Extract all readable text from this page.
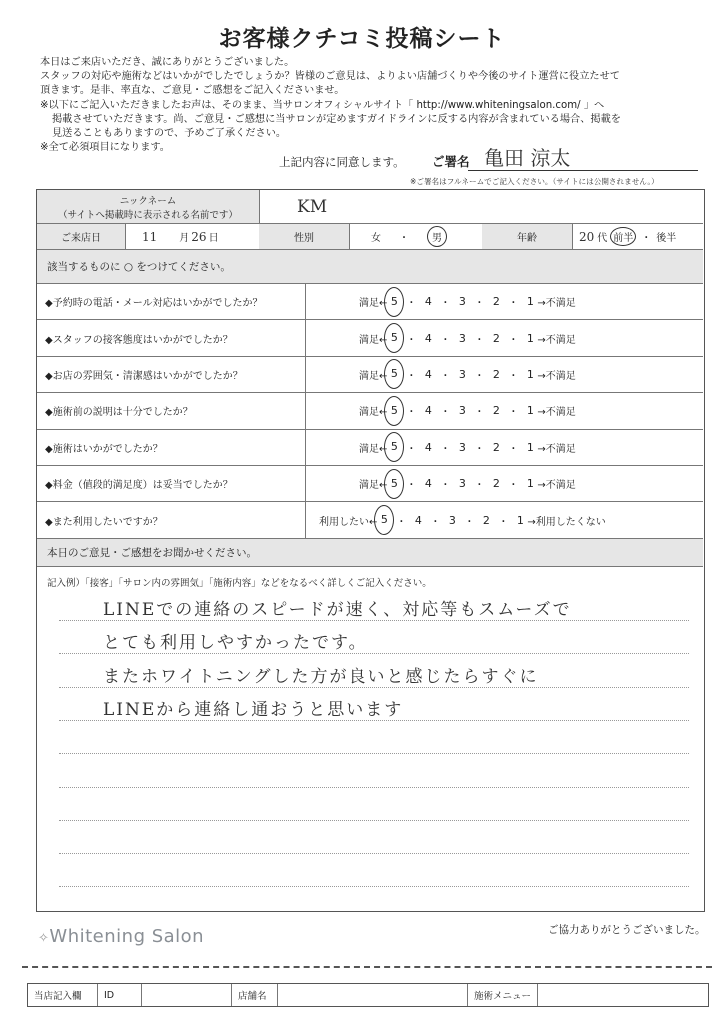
お客様クチコミ投稿シート
本日はご来店いただき、誠にありがとうございました。
スタッフの対応や施術などはいかがでしたでしょうか？皆様のご意見は、よりよい店舗づくりや今後のサイト運営に役立たせて
頂きます。是非、率直な、ご意見・ご感想をご記入くださいませ。
※以下にご記入いただきましたお声は、そのまま、当サロンオフィシャルサイト「 http://www.whiteningsalon.com/ 」へ
掲載させていただきます。尚、ご意見・ご感想に当サロンが定めますガイドラインに反する内容が含まれている場合、掲載を
見送ることもありますので、予めご了承ください。
※全て必須項目になります。
上記内容に同意します。 ご署名 亀田 涼太
※ご署名はフルネームでご記入ください。（サイトには公開されません。）
ニックネーム
（サイトへ掲載時に表示される名前です）	KM
ご来店日	11 月 26 日	性別	女 ・	男	年齢	20 代 前半 ・ 後半
該当するものに ○ をつけてください。
◆予約時の電話・メール対応はいかがでしたか？	満足← 5 ・ 4 ・ 3 ・ 2 ・ 1 →不満足
◆スタッフの接客態度はいかがでしたか？	満足← 5 ・ 4 ・ 3 ・ 2 ・ 1 →不満足
◆お店の雰囲気・清潔感はいかがでしたか？	満足← 5 ・ 4 ・ 3 ・ 2 ・ 1 →不満足
◆施術前の説明は十分でしたか？	満足← 5 ・ 4 ・ 3 ・ 2 ・ 1 →不満足
◆施術はいかがでしたか？	満足← 5 ・ 4 ・ 3 ・ 2 ・ 1 →不満足
◆料金（値段的満足度）は妥当でしたか？	満足← 5 ・ 4 ・ 3 ・ 2 ・ 1 →不満足
◆また利用したいですか？	利用したい← 5 ・ 4 ・ 3 ・ 2 ・ 1 →利用したくない
本日のご意見・ご感想をお聞かせください。
記入例）「接客」「サロン内の雰囲気」「施術内容」などをなるべく詳しくご記入ください。
LINEでの連絡のスピードが速く、対応等もスムーズで
とても利用しやすかったです。
またホワイトニングした方が良いと感じたらすぐに
LINEから連絡し通おうと思います
✧Whitening Salon	ご協力ありがとうございました。
当店記入欄	ID	店舗名	施術メニュー
